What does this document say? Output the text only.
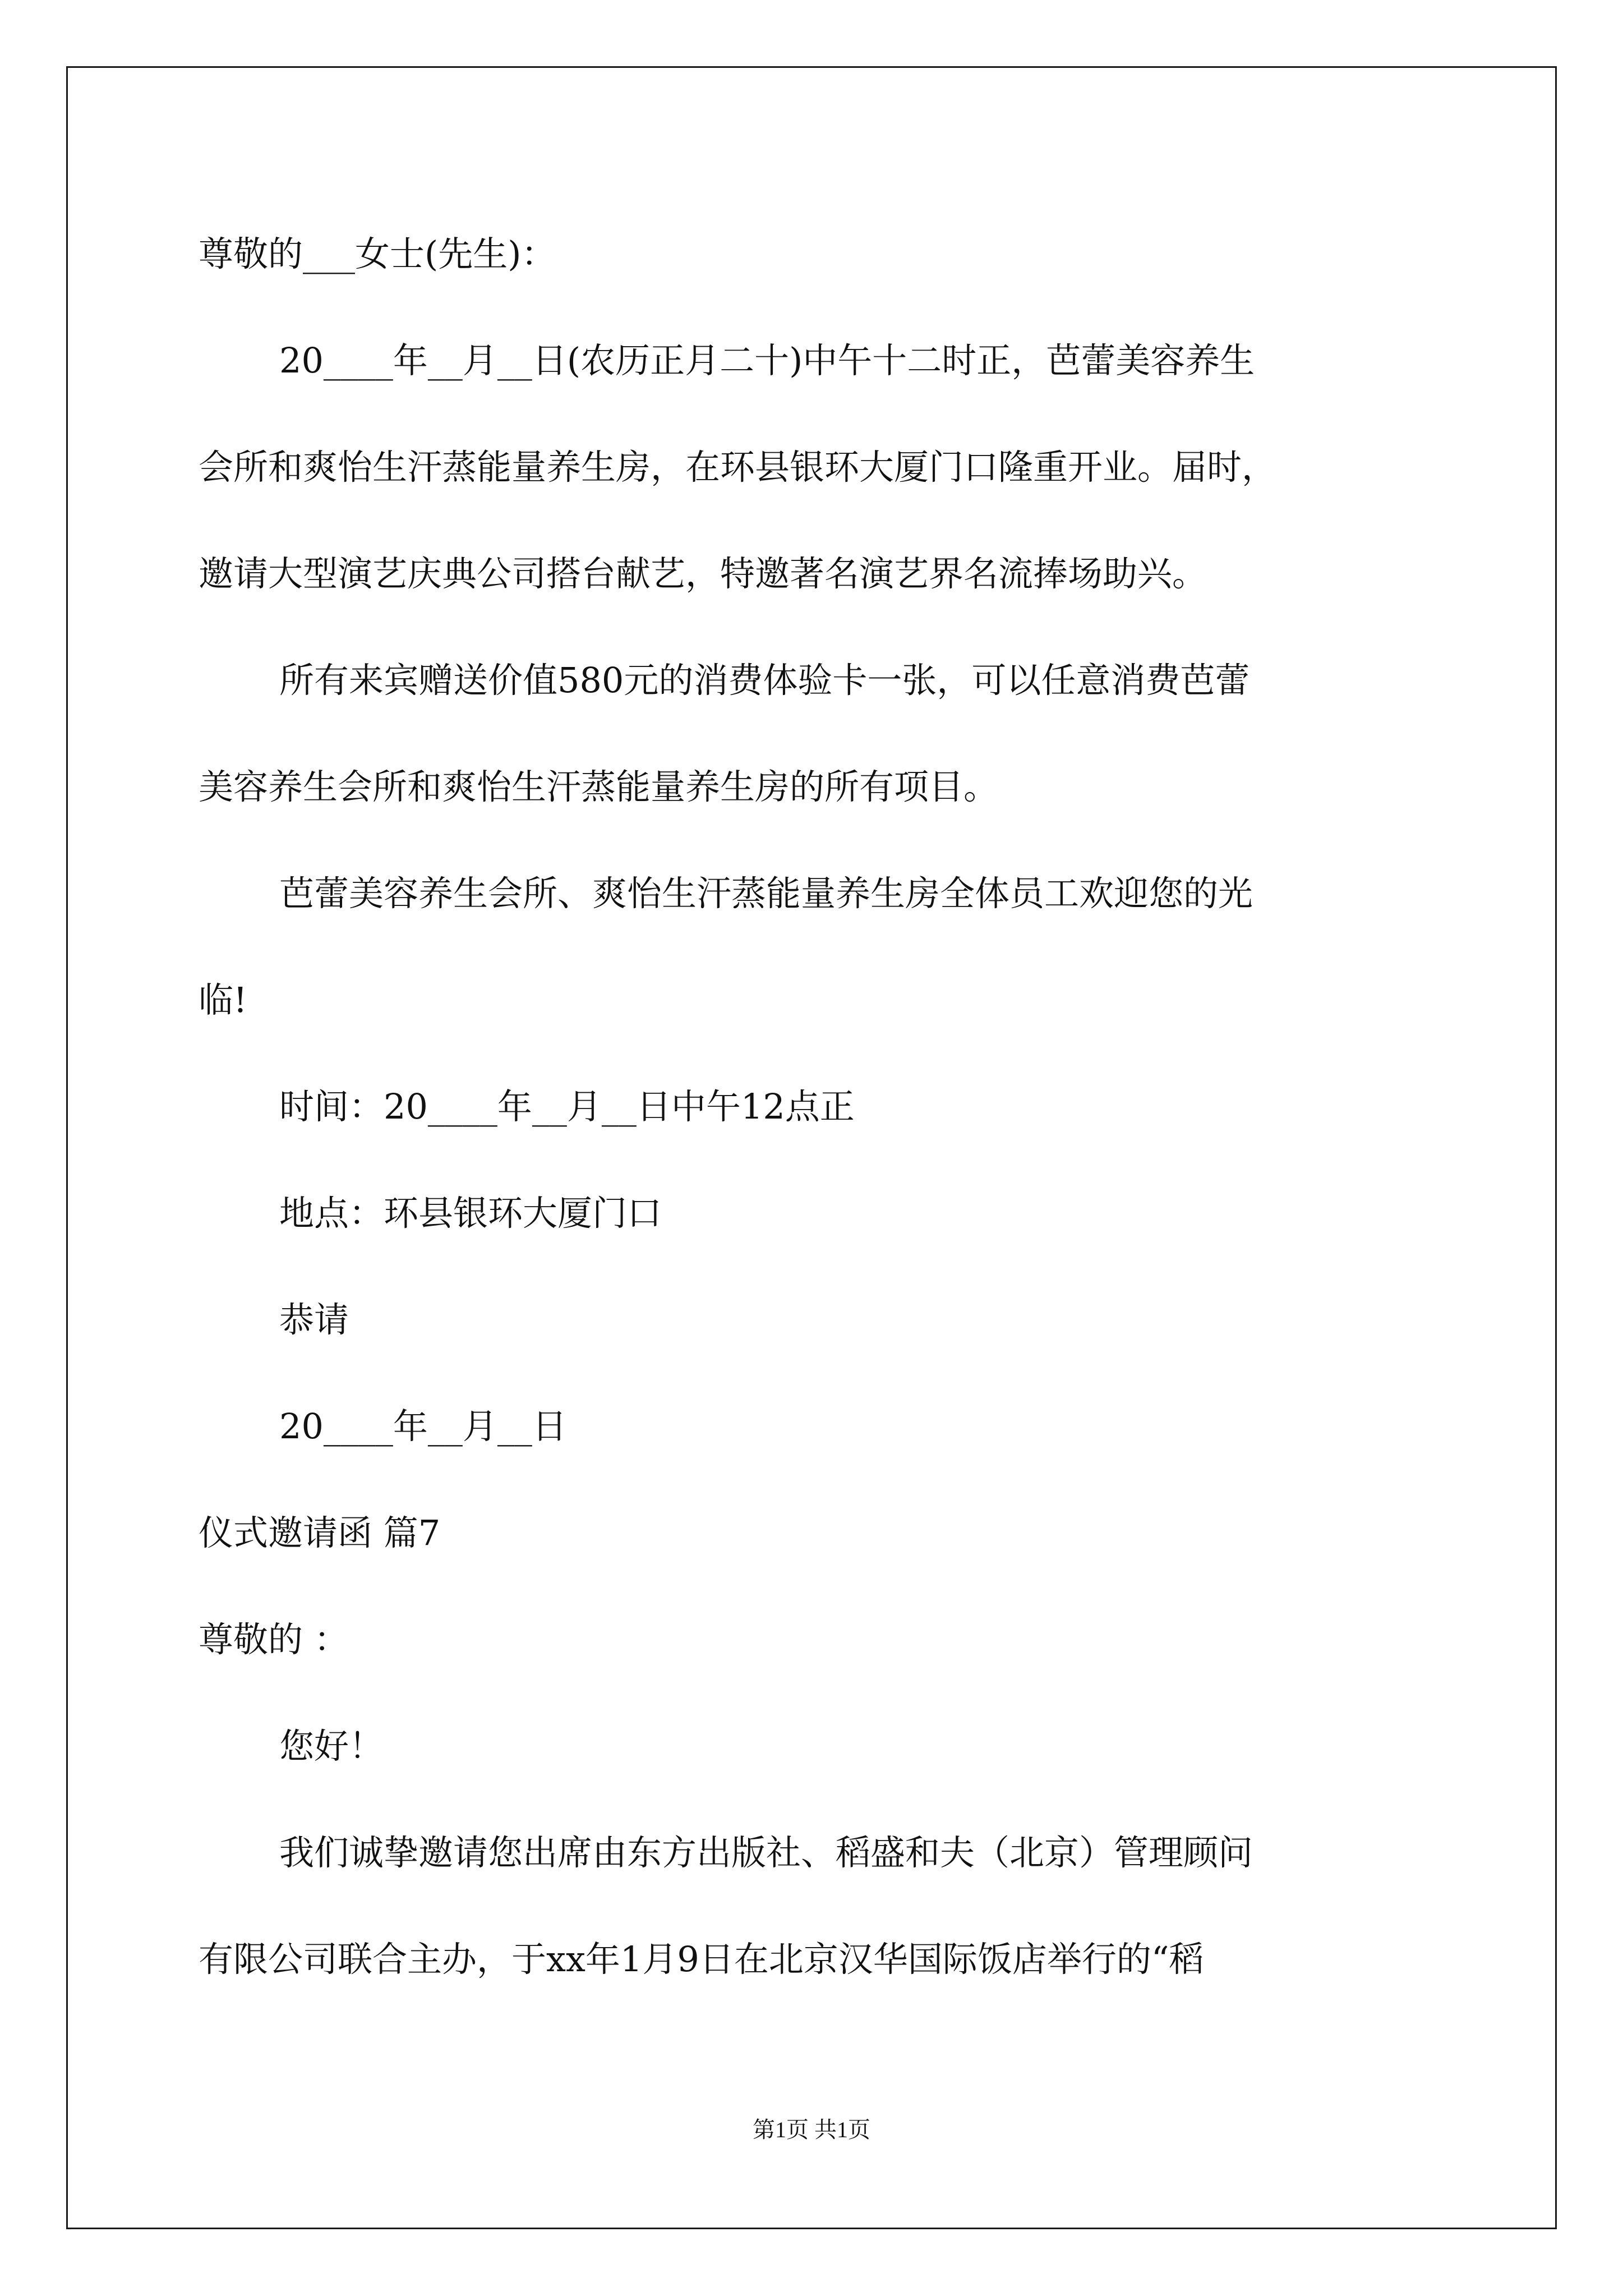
尊敬的___女士(先生)：
20____年__月__日(农历正月二十)中午十二时正，芭蕾美容养生
会所和爽怡生汗蒸能量养生房，在环县银环大厦门口隆重开业。届时，
邀请大型演艺庆典公司搭台献艺，特邀著名演艺界名流捧场助兴。
所有来宾赠送价值580元的消费体验卡一张，可以任意消费芭蕾
美容养生会所和爽怡生汗蒸能量养生房的所有项目。
芭蕾美容养生会所、爽怡生汗蒸能量养生房全体员工欢迎您的光
临!
时间：20____年__月__日中午12点正
地点：环县银环大厦门口
恭请
20____年__月__日
仪式邀请函 篇7
尊敬的 ：
您好！
我们诚挚邀请您出席由东方出版社、稻盛和夫（北京）管理顾问
有限公司联合主办，于xx年1月9日在北京汉华国际饭店举行的“稻
第1页 共1页
